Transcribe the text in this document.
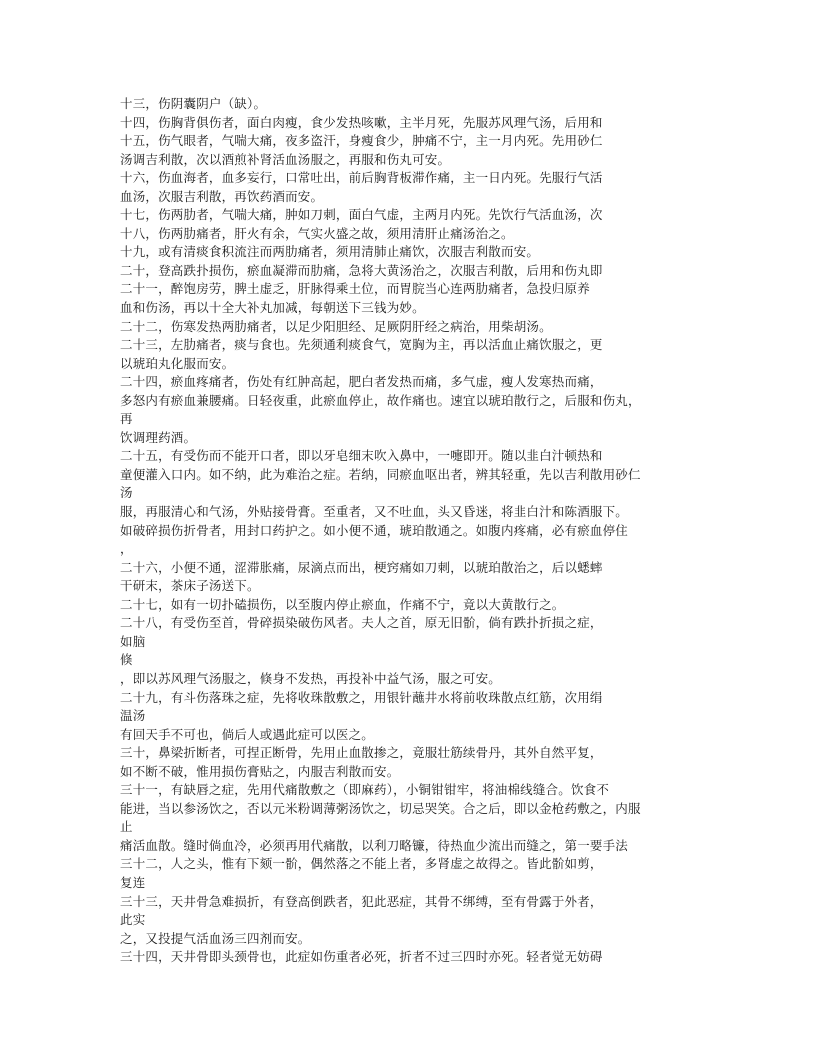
十三，伤阴囊阴户（缺）。
十四，伤胸背俱伤者，面白肉瘦，食少发热咳嗽，主半月死，先服苏风理气汤，后用和
十五，伤气眼者，气喘大痛，夜多盗汗，身瘦食少，肿痛不宁，主一月内死。先用砂仁
汤调吉利散，次以酒煎补肾活血汤服之，再服和伤丸可安。
十六，伤血海者，血多妄行，口常吐出，前后胸背板滞作痛，主一日内死。先服行气活
血汤，次服吉利散，再饮药酒而安。
十七，伤两肋者，气喘大痛，肿如刀刺，面白气虚，主两月内死。先饮行气活血汤，次
十八，伤两肋痛者，肝火有余，气实火盛之故，须用清肝止痛汤治之。
十九，或有清痰食积流注而两肋痛者，须用清肺止痛饮，次服吉利散而安。
二十，登高跌扑损伤，瘀血凝滞而肋痛，急将大黄汤治之，次服吉利散，后用和伤丸即
二十一，醉饱房劳，脾土虚乏，肝脉得乘土位，而胃脘当心连两肋痛者，急投归原养
血和伤汤，再以十全大补丸加减，每朝送下三钱为妙。
二十二，伤寒发热两肋痛者，以足少阳胆经、足厥阴肝经之病治，用柴胡汤。
二十三，左肋痛者，痰与食也。先须通利痰食气，宽胸为主，再以活血止痛饮服之，更
以琥珀丸化服而安。
二十四，瘀血疼痛者，伤处有红肿高起，肥白者发热而痛，多气虚，瘦人发寒热而痛，
多怒内有瘀血兼腰痛。日轻夜重，此瘀血停止，故作痛也。速宜以琥珀散行之，后服和伤丸，
再
饮调理药酒。
二十五，有受伤而不能开口者，即以牙皂细末吹入鼻中，一嚏即开。随以韭白汁顿热和
童便灌入口内。如不纳，此为难治之症。若纳，同瘀血呕出者，辨其轻重，先以吉利散用砂仁
汤
服，再服清心和气汤，外贴接骨膏。至重者，又不吐血，头又昏迷，将韭白汁和陈酒服下。
如破碎损伤折骨者，用封口药护之。如小便不通，琥珀散通之。如腹内疼痛，必有瘀血停住
，
二十六，小便不通，涩滞胀痛，尿滴点而出，梗窍痛如刀刺，以琥珀散治之，后以蟋蟀
干研末，茶床子汤送下。
二十七，如有一切扑磕损伤，以至腹内停止瘀血，作痛不宁，竟以大黄散行之。
二十八，有受伤至首，骨碎损染破伤风者。夫人之首，原无旧骱，倘有跌扑折损之症，
如脑
倏
，即以苏风理气汤服之，倏身不发热，再投补中益气汤，服之可安。
二十九，有斗伤落珠之症，先将收珠散敷之，用银针蘸井水将前收珠散点红筋，次用绢
温汤
有回天手不可也，倘后人或遇此症可以医之。
三十，鼻梁折断者，可捏正断骨，先用止血散掺之，竟服壮筋续骨丹，其外自然平复，
如不断不破，惟用损伤膏贴之，内服吉利散而安。
三十一，有缺唇之症，先用代痛散敷之（即麻药），小铜钳钳牢，将油棉线缝合。饮食不
能进，当以参汤饮之，否以元米粉调薄粥汤饮之，切忌哭笑。合之后，即以金枪药敷之，内服
止
痛活血散。缝时倘血冷，必须再用代痛散，以利刀略镰，待热血少流出而缝之，第一要手法
三十二，人之头，惟有下颏一骱，偶然落之不能上者，多肾虚之故得之。皆此骱如剪，
复连
三十三，天井骨急难损折，有登高倒跌者，犯此恶症，其骨不绑缚，至有骨露于外者，
此实
之，又投提气活血汤三四剂而安。
三十四，天井骨即头颈骨也，此症如伤重者必死，折者不过三四时亦死。轻者觉无妨碍
